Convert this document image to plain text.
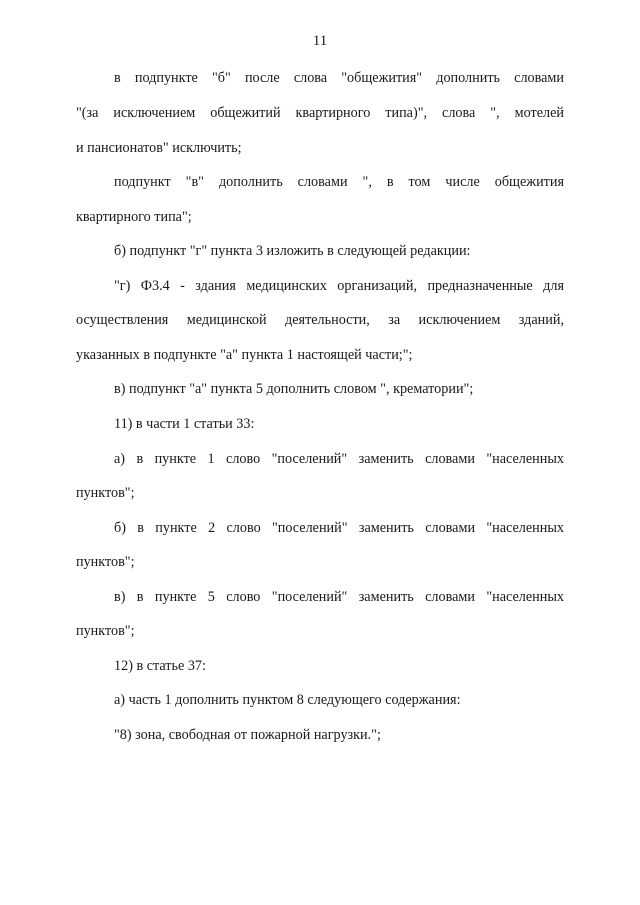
11
в подпункте "б" после слова "общежития" дополнить словами
"(за исключением общежитий квартирного типа)", слова ", мотелей
и пансионатов" исключить;
подпункт "в" дополнить словами ", в том числе общежития
квартирного типа";
б) подпункт "г" пункта 3 изложить в следующей редакции:
"г) Ф3.4 - здания медицинских организаций, предназначенные для
осуществления медицинской деятельности, за исключением зданий,
указанных в подпункте "а" пункта 1 настоящей части;";
в) подпункт "а" пункта 5 дополнить словом ", крематории";
11) в части 1 статьи 33:
а) в пункте 1 слово "поселений" заменить словами "населенных
пунктов";
б) в пункте 2 слово "поселений" заменить словами "населенных
пунктов";
в) в пункте 5 слово "поселений" заменить словами "населенных
пунктов";
12) в статье 37:
а) часть 1 дополнить пунктом 8 следующего содержания:
"8) зона, свободная от пожарной нагрузки.";
